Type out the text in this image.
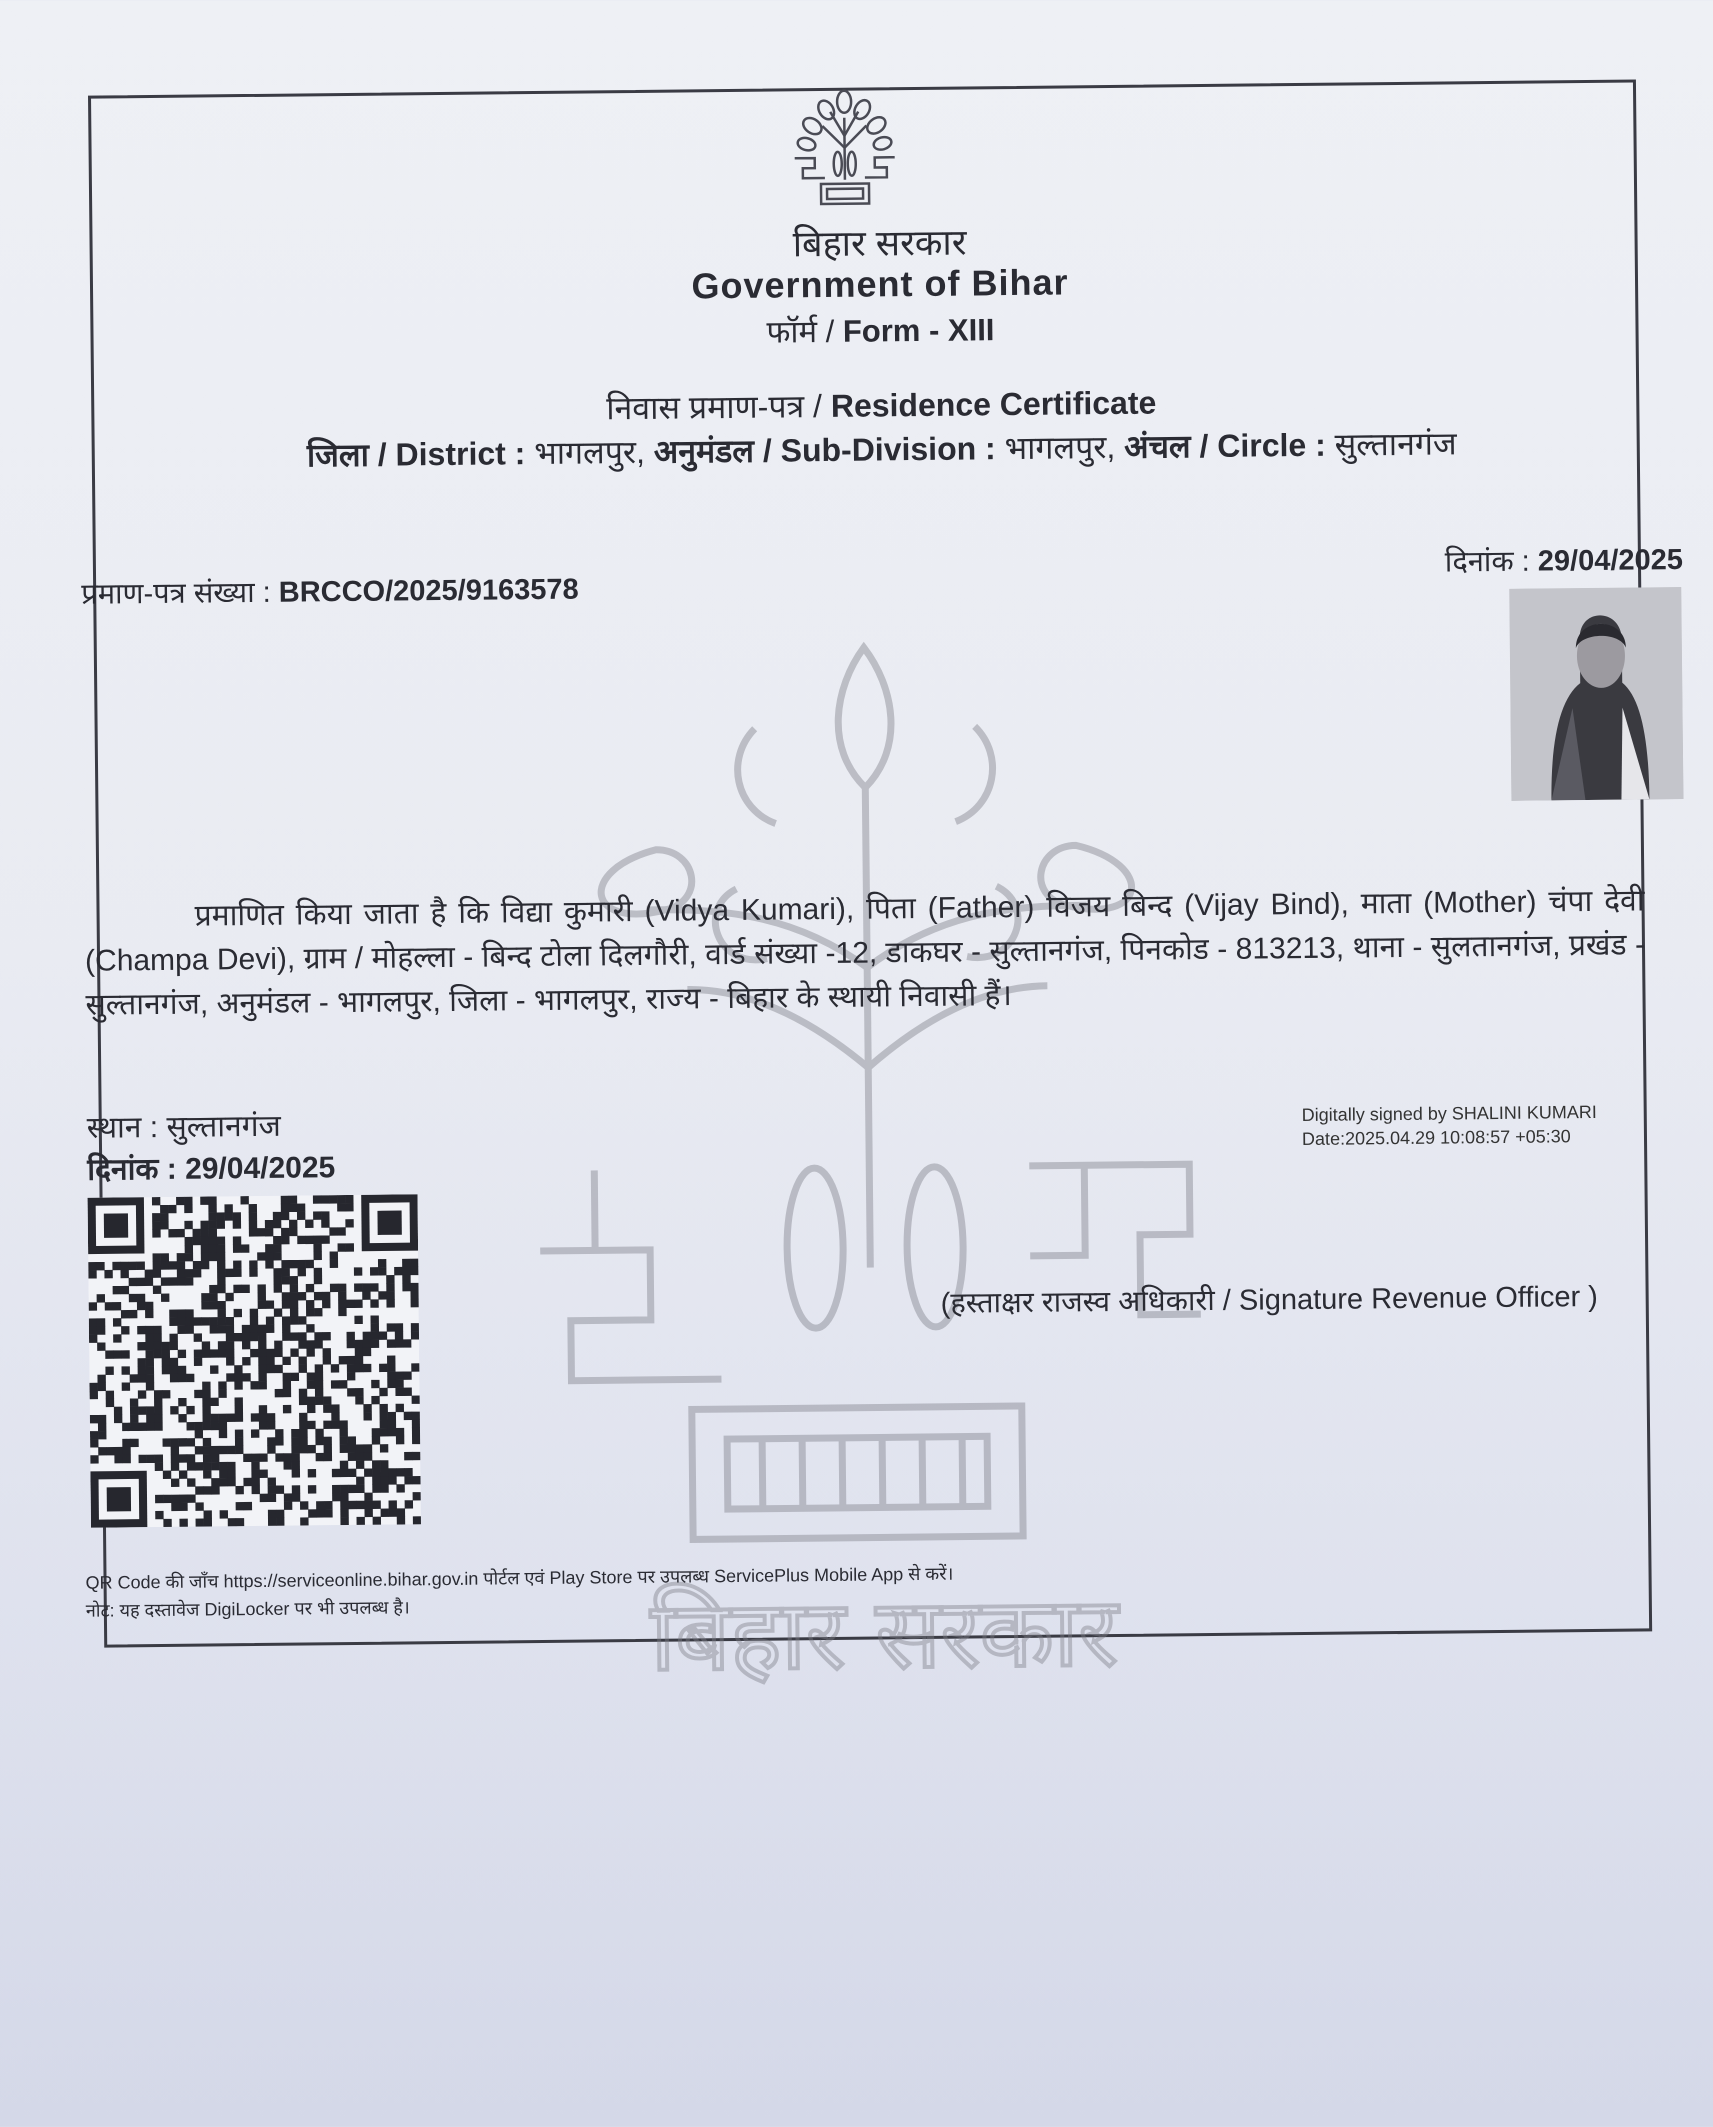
बिहार सरकार
Government of Bihar
फॉर्म / Form - XIII
निवास प्रमाण-पत्र / Residence Certificate
जिला / District : भागलपुर, अनुमंडल / Sub-Division : भागलपुर, अंचल / Circle : सुल्तानगंज
प्रमाण-पत्र संख्या : BRCCO/2025/9163578
दिनांक : 29/04/2025
बिहार सरकार
प्रमाणित किया जाता है कि विद्या कुमारी (Vidya Kumari), पिता (Father) विजय बिन्द (Vijay Bind), माता (Mother) चंपा देवी (Champa Devi), ग्राम / मोहल्ला - बिन्द टोला दिलगौरी, वार्ड संख्या -12, डाकघर - सुल्तानगंज, पिनकोड - 813213, थाना - सुलतानगंज, प्रखंड - सुल्तानगंज, अनुमंडल - भागलपुर, जिला - भागलपुर, राज्य - बिहार के स्थायी निवासी हैं।
स्थान : सुल्तानगंज
दिनांक : 29/04/2025
Digitally signed by SHALINI KUMARI
Date:2025.04.29 10:08:57 +05:30
(हस्ताक्षर राजस्व अधिकारी / Signature Revenue Officer )
QR Code की जाँच https://serviceonline.bihar.gov.in पोर्टल एवं Play Store पर उपलब्ध ServicePlus Mobile App से करें।
नोट: यह दस्तावेज DigiLocker पर भी उपलब्ध है।
